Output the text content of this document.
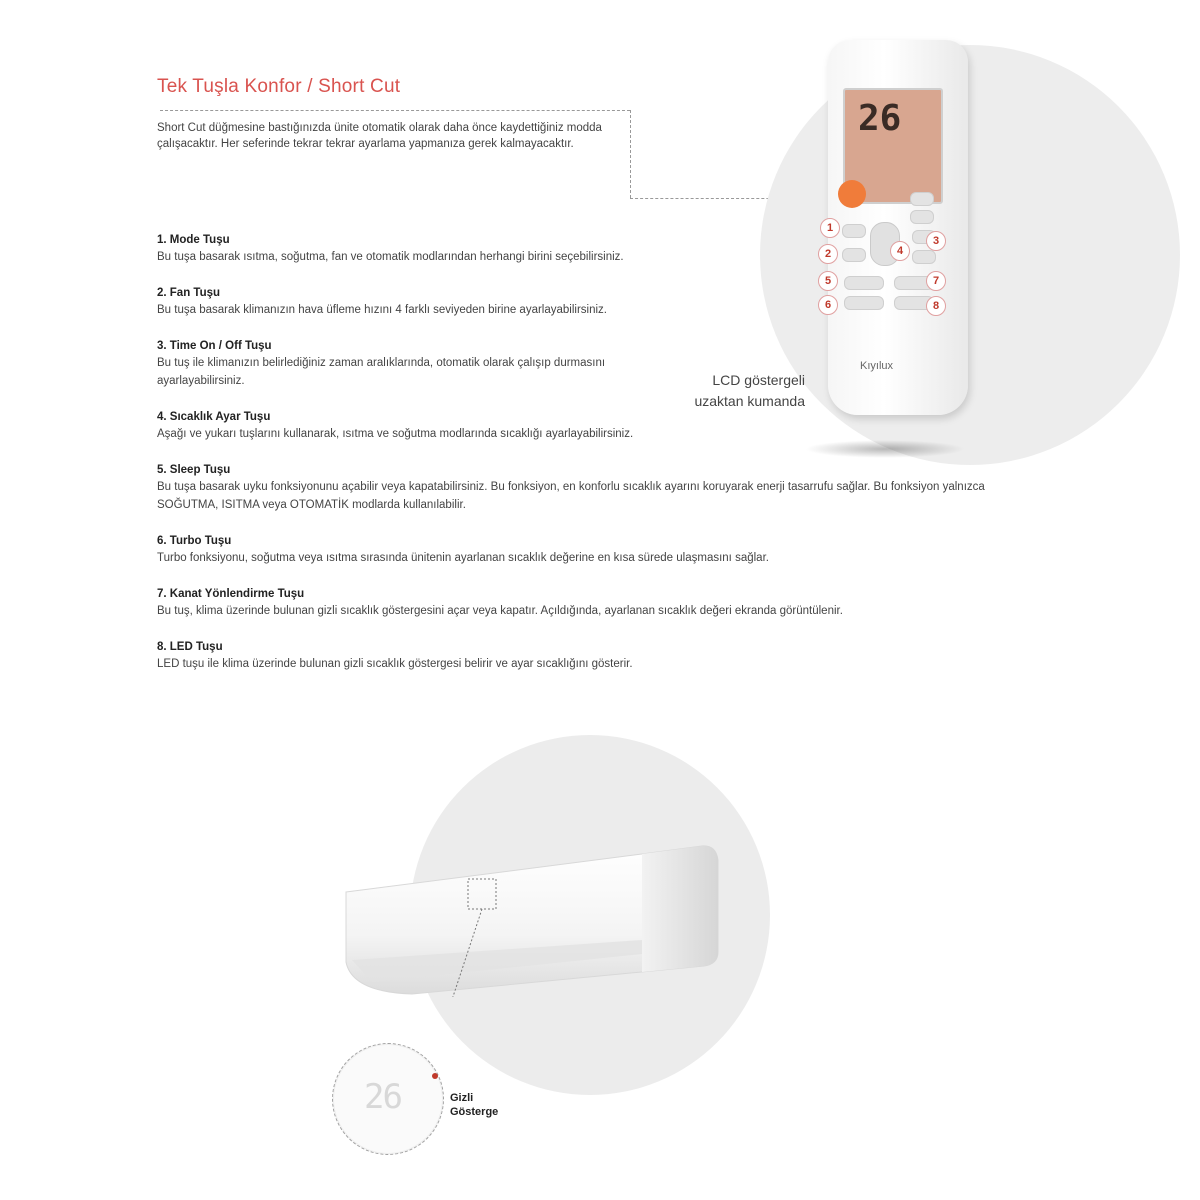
Tek Tuşla Konfor / Short Cut
Short Cut düğmesine bastığınızda ünite otomatik olarak daha önce kaydettiğiniz modda çalışacaktır. Her seferinde tekrar tekrar ayarlama yapmanıza gerek kalmayacaktır.
1. Mode Tuşu

Bu tuşa basarak ısıtma, soğutma, fan ve otomatik modlarından herhangi birini seçebilirsiniz.

2. Fan Tuşu

Bu tuşa basarak klimanızın hava üfleme hızını 4 farklı seviyeden birine ayarlayabilirsiniz.

3. Time On / Off Tuşu

Bu tuş ile klimanızın belirlediğiniz zaman aralıklarında, otomatik olarak çalışıp durmasını ayarlayabilirsiniz.

4. Sıcaklık Ayar Tuşu

Aşağı ve yukarı tuşlarını kullanarak, ısıtma ve soğutma modlarında sıcaklığı ayarlayabilirsiniz.

5. Sleep Tuşu

Bu tuşa basarak uyku fonksiyonunu açabilir veya kapatabilirsiniz. Bu fonksiyon, en konforlu sıcaklık ayarını koruyarak enerji tasarrufu sağlar. Bu fonksiyon yalnızca SOĞUTMA, ISITMA veya OTOMATİK modlarda kullanılabilir.

6. Turbo Tuşu

Turbo fonksiyonu, soğutma veya ısıtma sırasında ünitenin ayarlanan sıcaklık değerine en kısa sürede ulaşmasını sağlar.

7. Kanat Yönlendirme Tuşu

Bu tuş, klima üzerinde bulunan gizli sıcaklık göstergesini açar veya kapatır. Açıldığında, ayarlanan sıcaklık değeri ekranda görüntülenir.

8. LED Tuşu

LED tuşu ile klima üzerinde bulunan gizli sıcaklık göstergesi belirir ve ayar sıcaklığını gösterir.

26
Kıyılux
1
2
3
4
5
6
7
8
LCD göstergeli
uzaktan kumanda
26	Gizli
Gösterge
